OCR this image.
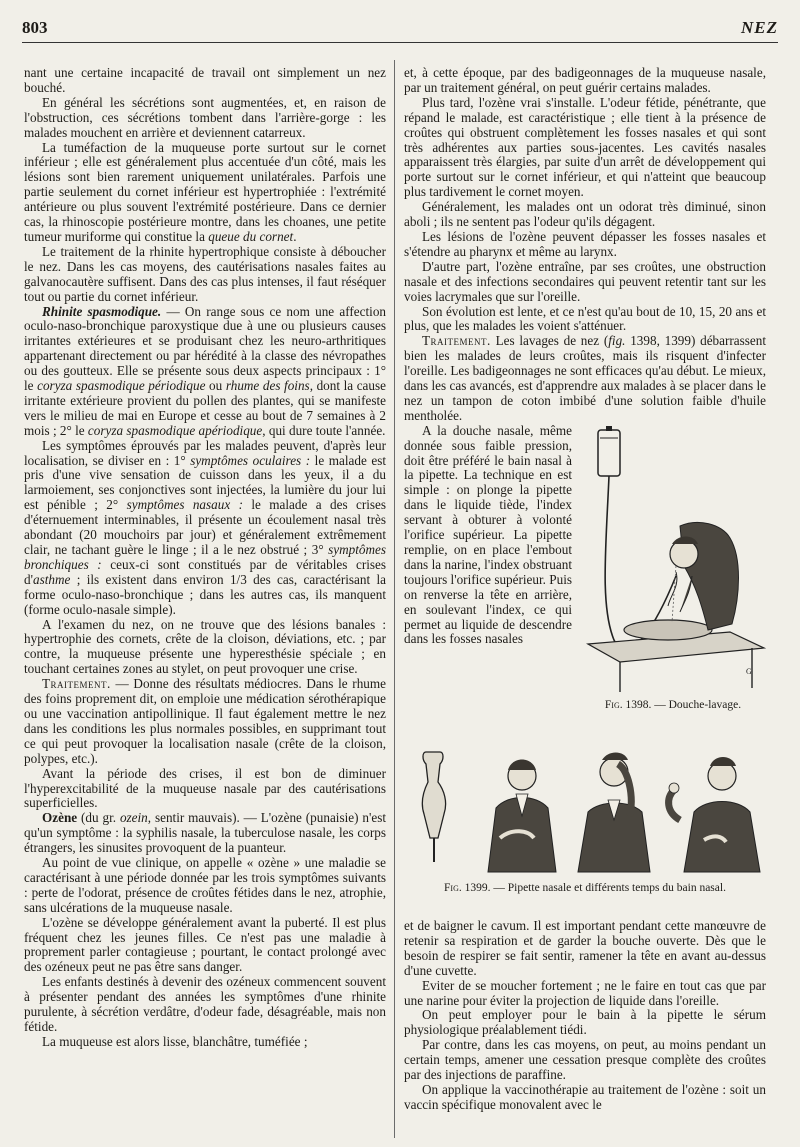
803	NEZ

nant une certaine incapacité de travail ont simplement un nez bouché.

En général les sécrétions sont augmentées, et, en raison de l'obstruction, ces sécrétions tombent dans l'arrière-gorge : les malades mouchent en arrière et deviennent catarreux.

La tuméfaction de la muqueuse porte surtout sur le cornet inférieur ; elle est généralement plus accentuée d'un côté, mais les lésions sont bien rarement uniquement unilatérales. Parfois une partie seulement du cornet inférieur est hypertrophiée : l'extrémité antérieure ou plus souvent l'extrémité postérieure. Dans ce dernier cas, la rhinoscopie postérieure montre, dans les choanes, une petite tumeur muriforme qui constitue la queue du cornet.

Le traitement de la rhinite hypertrophique consiste à déboucher le nez. Dans les cas moyens, des cautérisations nasales faites au galvanocautère suffisent. Dans des cas plus intenses, il faut réséquer tout ou partie du cornet inférieur.

Rhinite spasmodique. — On range sous ce nom une affection oculo-naso-bronchique paroxystique due à une ou plusieurs causes irritantes extérieures et se produisant chez les neuro-arthritiques appartenant directement ou par hérédité à la classe des névropathes ou des goutteux. Elle se présente sous deux aspects principaux : 1° le coryza spasmodique périodique ou rhume des foins, dont la cause irritante extérieure provient du pollen des plantes, qui se manifeste vers le milieu de mai en Europe et cesse au bout de 7 semaines à 2 mois ; 2° le coryza spasmodique apériodique, qui dure toute l'année.

Les symptômes éprouvés par les malades peuvent, d'après leur localisation, se diviser en : 1° symptômes oculaires : le malade est pris d'une vive sensation de cuisson dans les yeux, il a du larmoiement, ses conjonctives sont injectées, la lumière du jour lui est pénible ; 2° symptômes nasaux : le malade a des crises d'éternuement interminables, il présente un écoulement nasal très abondant (20 mouchoirs par jour) et généralement extrêmement clair, ne tachant guère le linge ; il a le nez obstrué ; 3° symptômes bronchiques : ceux-ci sont constitués par de véritables crises d'asthme ; ils existent dans environ 1/3 des cas, caractérisant la forme oculo-naso-bronchique ; dans les autres cas, ils manquent (forme oculo-nasale simple).

A l'examen du nez, on ne trouve que des lésions banales : hypertrophie des cornets, crête de la cloison, déviations, etc. ; par contre, la muqueuse présente une hyperesthésie spéciale ; en touchant certaines zones au stylet, on peut provoquer une crise.

Traitement. — Donne des résultats médiocres. Dans le rhume des foins proprement dit, on emploie une médication sérothérapique ou une vaccination antipollinique. Il faut également mettre le nez dans les conditions les plus normales possibles, en supprimant tout ce qui peut provoquer la localisation nasale (crête de la cloison, polypes, etc.).

Avant la période des crises, il est bon de diminuer l'hyperexcitabilité de la muqueuse nasale par des cautérisations superficielles.

Ozène (du gr. ozein, sentir mauvais). — L'ozène (punaisie) n'est qu'un symptôme : la syphilis nasale, la tuberculose nasale, les corps étrangers, les sinusites provoquent de la puanteur.

Au point de vue clinique, on appelle « ozène » une maladie se caractérisant à une période donnée par les trois symptômes suivants : perte de l'odorat, présence de croûtes fétides dans le nez, atrophie, sans ulcérations de la muqueuse nasale.

L'ozène se développe généralement avant la puberté. Il est plus fréquent chez les jeunes filles. Ce n'est pas une maladie à proprement parler contagieuse ; pourtant, le contact prolongé avec des ozéneux peut ne pas être sans danger.

Les enfants destinés à devenir des ozéneux commencent souvent à présenter pendant des années les symptômes d'une rhinite purulente, à sécrétion verdâtre, d'odeur fade, désagréable, mais non fétide.

La muqueuse est alors lisse, blanchâtre, tuméfiée ;

et, à cette époque, par des badigeonnages de la muqueuse nasale, par un traitement général, on peut guérir certains malades.

Plus tard, l'ozène vrai s'installe. L'odeur fétide, pénétrante, que répand le malade, est caractéristique ; elle tient à la présence de croûtes qui obstruent complètement les fosses nasales et qui sont très adhérentes aux parties sous-jacentes. Les cavités nasales apparaissent très élargies, par suite d'un arrêt de développement qui porte surtout sur le cornet inférieur, et qui n'atteint que beaucoup plus tardivement le cornet moyen.

Généralement, les malades ont un odorat très diminué, sinon aboli ; ils ne sentent pas l'odeur qu'ils dégagent.

Les lésions de l'ozène peuvent dépasser les fosses nasales et s'étendre au pharynx et même au larynx.

D'autre part, l'ozène entraîne, par ses croûtes, une obstruction nasale et des infections secondaires qui peuvent retentir tant sur les voies lacrymales que sur l'oreille.

Son évolution est lente, et ce n'est qu'au bout de 10, 15, 20 ans et plus, que les malades les voient s'atténuer.

Traitement. Les lavages de nez (fig. 1398, 1399) débarrassent bien les malades de leurs croûtes, mais ils risquent d'infecter l'oreille. Les badigeonnages ne sont efficaces qu'au début. Le mieux, dans les cas avancés, est d'apprendre aux malades à se placer dans le nez un tampon de coton imbibé d'une solution faible d'huile mentholée.

G
Fig. 1398. — Douche-lavage.

A la douche nasale, même donnée sous faible pression, doit être préféré le bain nasal à la pipette. La technique en est simple : on plonge la pipette dans le liquide tiède, l'index servant à obturer à volonté l'orifice supérieur. La pipette remplie, on en place l'embout dans la narine, l'index obstruant toujours l'orifice supérieur. Puis on renverse la tête en arrière, en soulevant l'index, ce qui permet au liquide de descendre dans les fosses nasales

Fig. 1399. — Pipette nasale et différents temps du bain nasal.

et de baigner le cavum. Il est important pendant cette manœuvre de retenir sa respiration et de garder la bouche ouverte. Dès que le besoin de respirer se fait sentir, ramener la tête en avant au-dessus d'une cuvette.

Eviter de se moucher fortement ; ne le faire en tout cas que par une narine pour éviter la projection de liquide dans l'oreille.

On peut employer pour le bain à la pipette le sérum physiologique préalablement tiédi.

Par contre, dans les cas moyens, on peut, au moins pendant un certain temps, amener une cessation presque complète des croûtes par des injections de paraffine.

On applique la vaccinothérapie au traitement de l'ozène : soit un vaccin spécifique monovalent avec le
